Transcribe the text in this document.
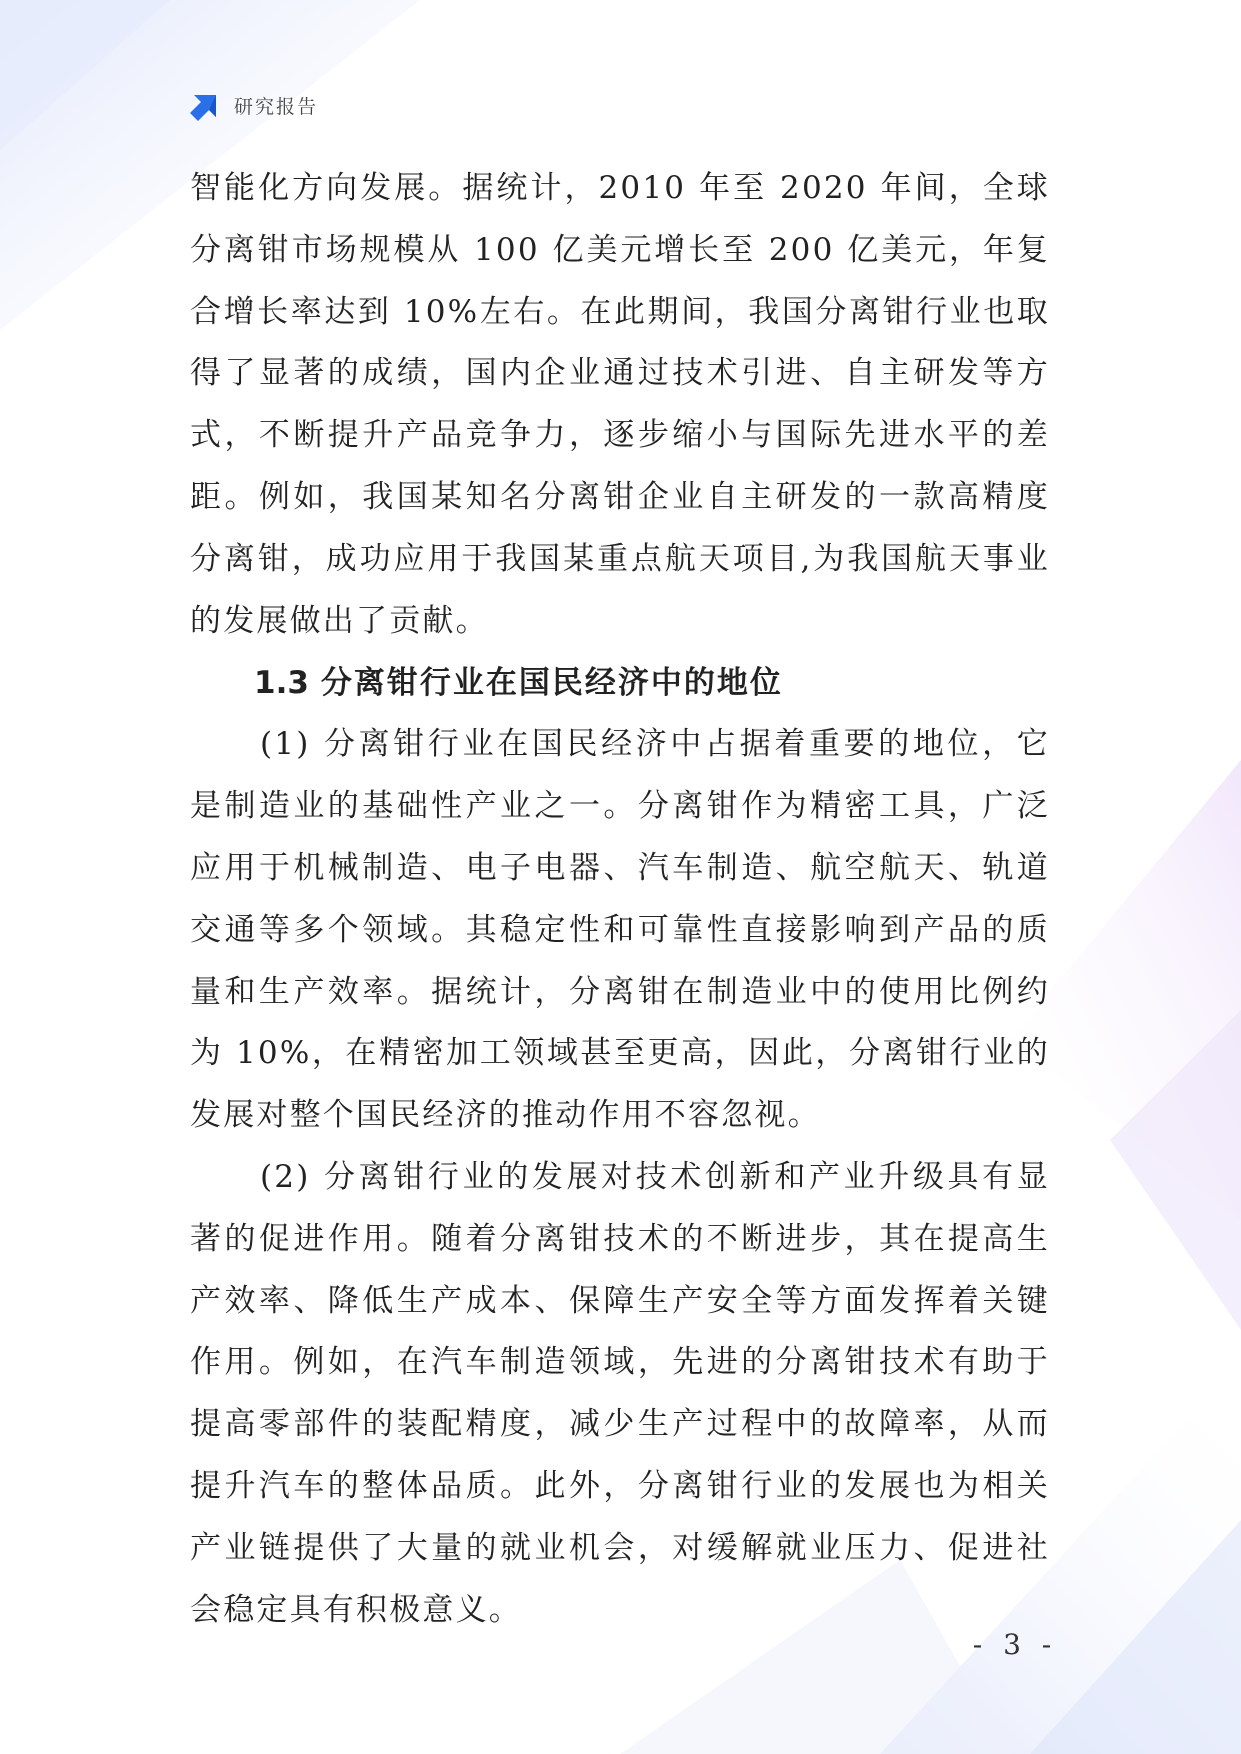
研究报告

智能化方向发展。据统计，2010 年至 2020 年间，全球分离钳市场规模从 100 亿美元增长至 200 亿美元，年复合增长率达到 10%左右。在此期间，我国分离钳行业也取得了显著的成绩，国内企业通过技术引进、自主研发等方式，不断提升产品竞争力，逐步缩小与国际先进水平的差距。例如，我国某知名分离钳企业自主研发的一款高精度分离钳，成功应用于我国某重点航天项目,为我国航天事业的发展做出了贡献。

1.3 分离钳行业在国民经济中的地位

(1) 分离钳行业在国民经济中占据着重要的地位，它是制造业的基础性产业之一。分离钳作为精密工具，广泛应用于机械制造、电子电器、汽车制造、航空航天、轨道交通等多个领域。其稳定性和可靠性直接影响到产品的质量和生产效率。据统计，分离钳在制造业中的使用比例约为 10%，在精密加工领域甚至更高，因此，分离钳行业的发展对整个国民经济的推动作用不容忽视。

(2) 分离钳行业的发展对技术创新和产业升级具有显著的促进作用。随着分离钳技术的不断进步，其在提高生产效率、降低生产成本、保障生产安全等方面发挥着关键作用。例如，在汽车制造领域，先进的分离钳技术有助于提高零部件的装配精度，减少生产过程中的故障率，从而提升汽车的整体品质。此外，分离钳行业的发展也为相关产业链提供了大量的就业机会，对缓解就业压力、促进社会稳定具有积极意义。

- 3 -
